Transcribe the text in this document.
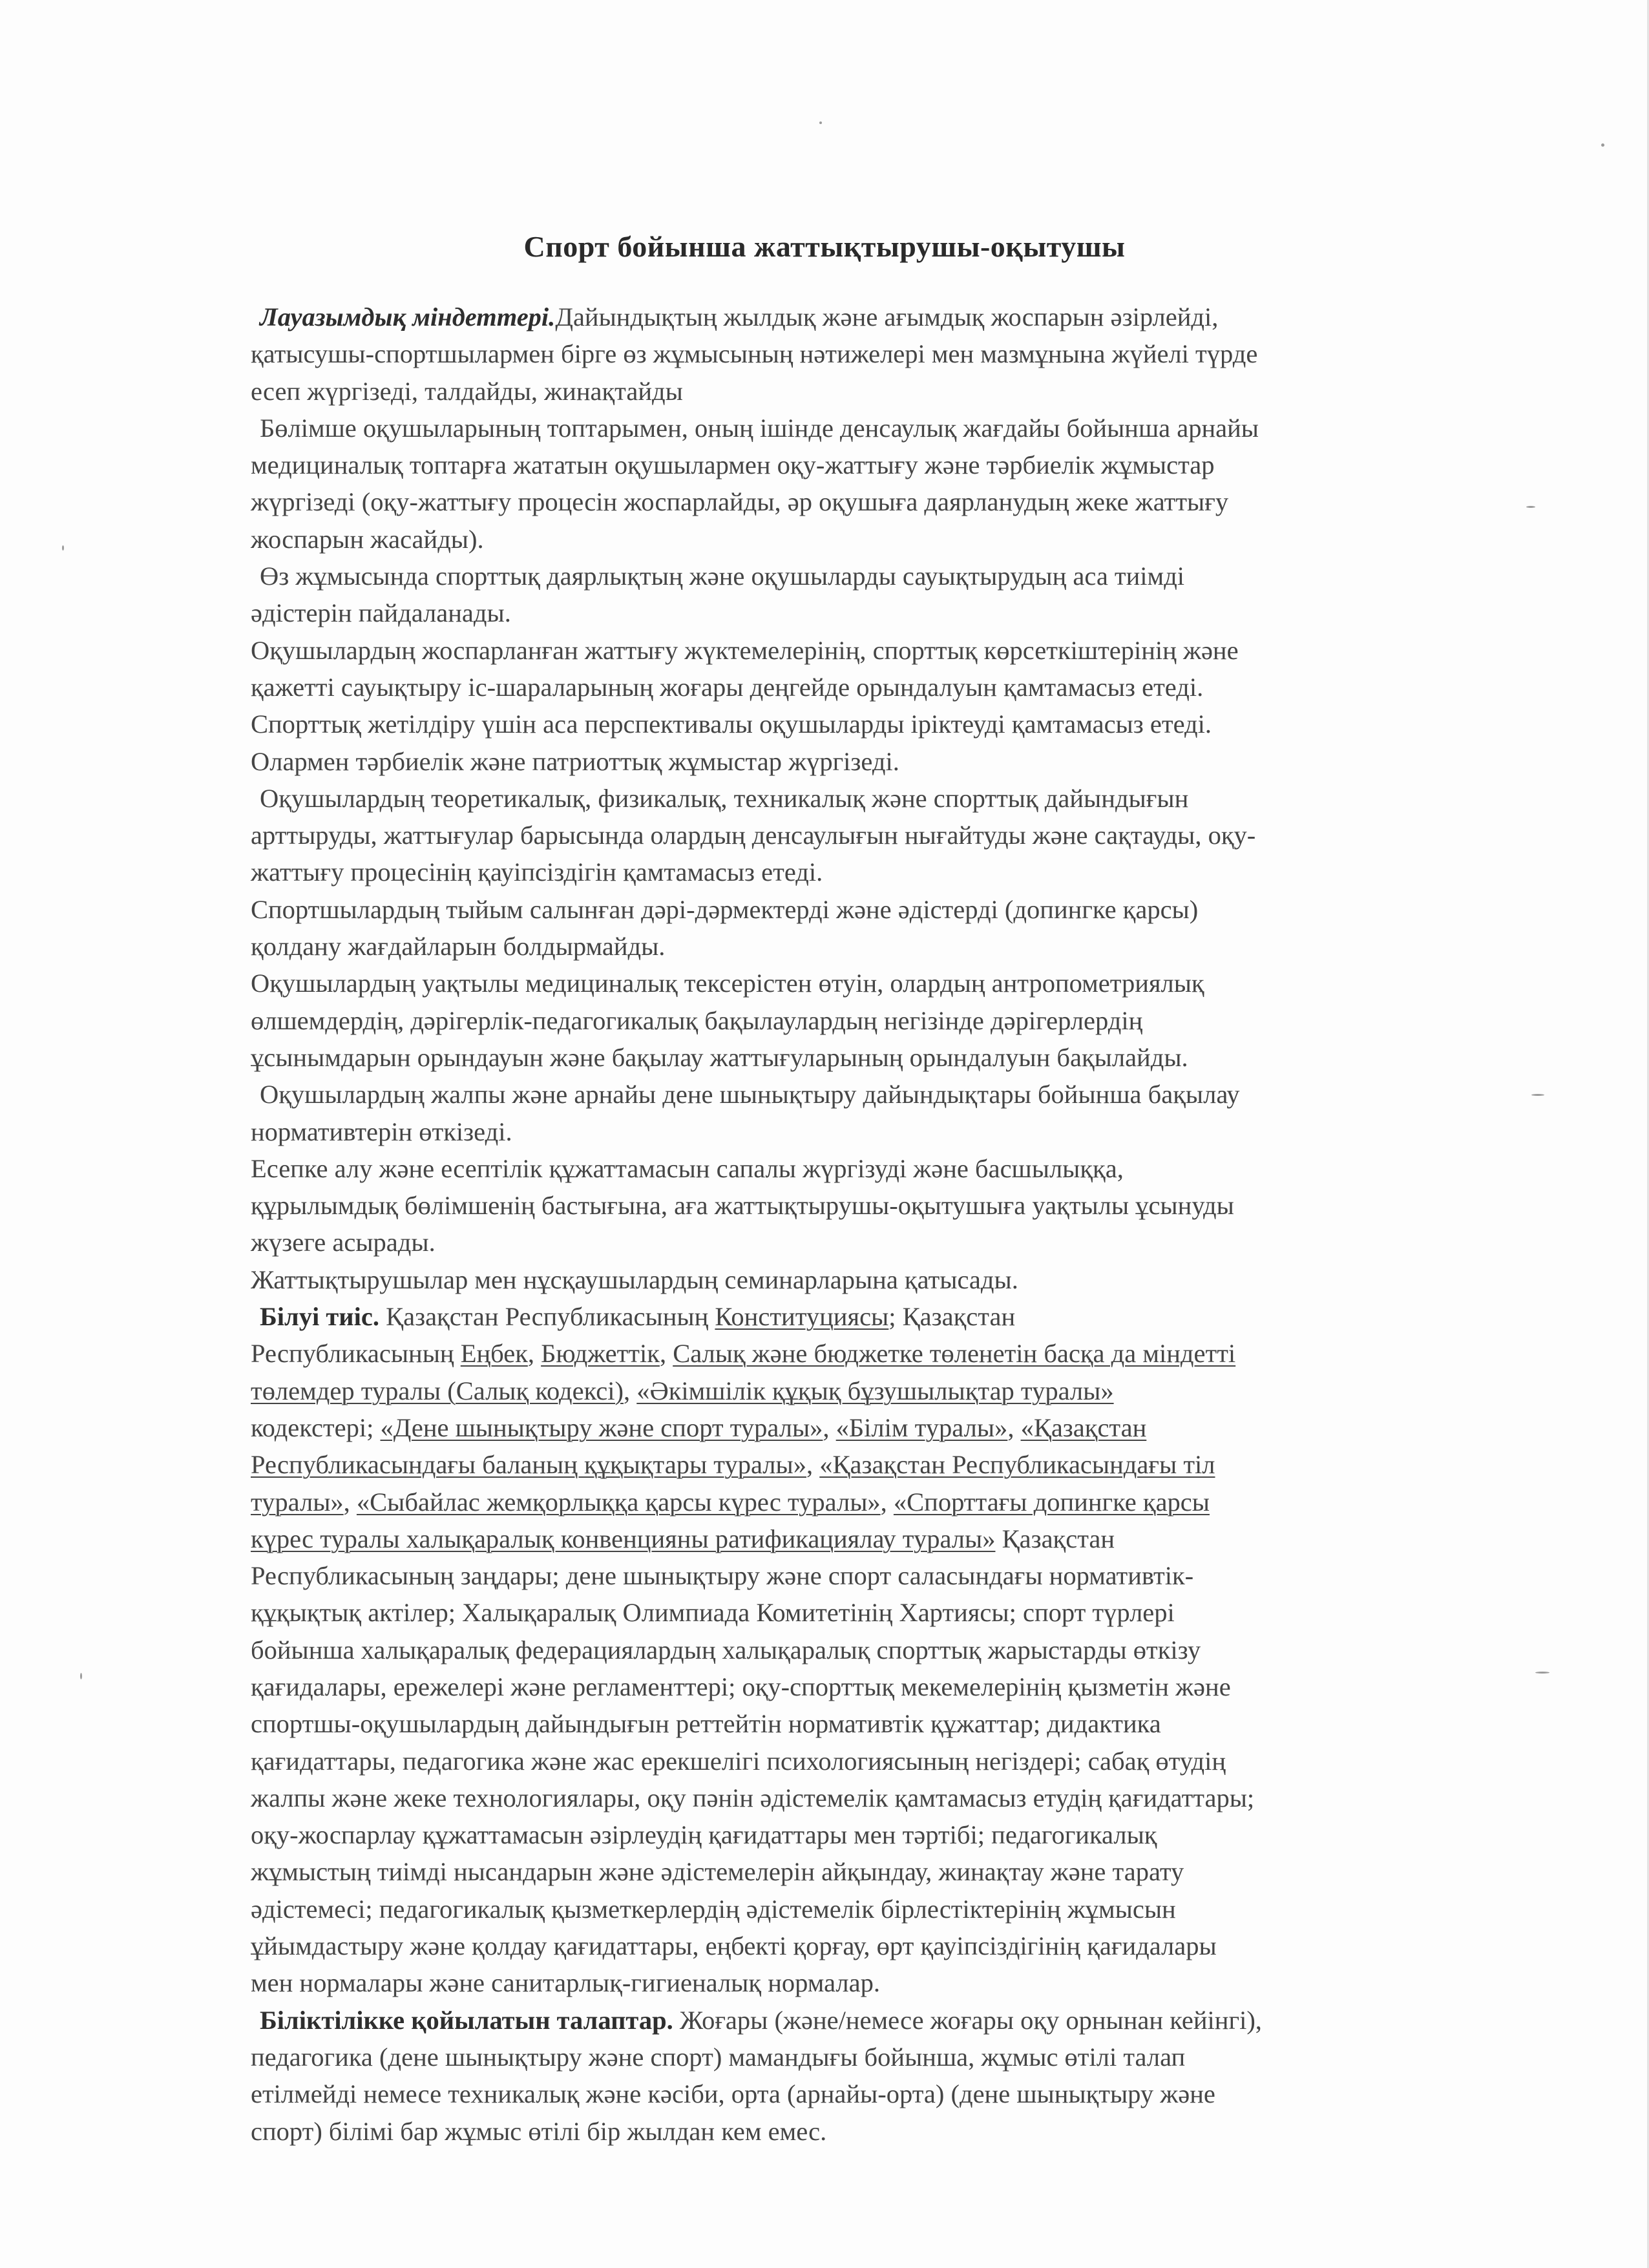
Спорт бойынша жаттықтырушы-оқытушы
Лауазымдық міндеттері.Дайындықтың жылдық және ағымдық жоспарын әзірлейді,
қатысушы-спортшылармен бірге өз жұмысының нәтижелері мен мазмұнына жүйелі түрде
есеп жүргізеді, талдайды, жинақтайды
Бөлімше оқушыларының топтарымен, оның ішінде денсаулық жағдайы бойынша арнайы
медициналық топтарға жататын оқушылармен оқу-жаттығу және тәрбиелік жұмыстар
жүргізеді (оқу-жаттығу процесін жоспарлайды, әр оқушыға даярланудың жеке жаттығу
жоспарын жасайды).
Өз жұмысында спорттық даярлықтың және оқушыларды сауықтырудың аса тиімді
әдістерін пайдаланады.
Оқушылардың жоспарланған жаттығу жүктемелерінің, спорттық көрсеткіштерінің және
қажетті сауықтыру іс-шараларының жоғары деңгейде орындалуын қамтамасыз етеді.
Спорттық жетілдіру үшін аса перспективалы оқушыларды іріктеуді қамтамасыз етеді.
Олармен тәрбиелік және патриоттық жұмыстар жүргізеді.
Оқушылардың теоретикалық, физикалық, техникалық және спорттық дайындығын
арттыруды, жаттығулар барысында олардың денсаулығын нығайтуды және сақтауды, оқу-
жаттығу процесінің қауіпсіздігін қамтамасыз етеді.
Спортшылардың тыйым салынған дәрі-дәрмектерді және әдістерді (допингке қарсы)
қолдану жағдайларын болдырмайды.
Оқушылардың уақтылы медициналық тексерістен өтуін, олардың антропометриялық
өлшемдердің, дәрігерлік-педагогикалық бақылаулардың негізінде дәрігерлердің
ұсынымдарын орындауын және бақылау жаттығуларының орындалуын бақылайды.
Оқушылардың жалпы және арнайы дене шынықтыру дайындықтары бойынша бақылау
нормативтерін өткізеді.
Есепке алу және есептілік құжаттамасын сапалы жүргізуді және басшылыққа,
құрылымдық бөлімшенің бастығына, аға жаттықтырушы-оқытушыға уақтылы ұсынуды
жүзеге асырады.
Жаттықтырушылар мен нұсқаушылардың семинарларына қатысады.
Білуі тиіс. Қазақстан Республикасының Конституциясы; Қазақстан
Республикасының Еңбек, Бюджеттік, Салық және бюджетке төленетін басқа да міндетті
төлемдер туралы (Салық кодексі), «Әкімшілік құқық бұзушылықтар туралы»
кодекстері; «Дене шынықтыру және спорт туралы», «Білім туралы», «Қазақстан
Республикасындағы баланың құқықтары туралы», «Қазақстан Республикасындағы тіл
туралы», «Сыбайлас жемқорлыққа қарсы күрес туралы», «Спорттағы допингке қарсы
күрес туралы халықаралық конвенцияны ратификациялау туралы» Қазақстан
Республикасының заңдары; дене шынықтыру және спорт саласындағы нормативтік-
құқықтық актілер; Халықаралық Олимпиада Комитетінің Хартиясы; спорт түрлері
бойынша халықаралық федерациялардың халықаралық спорттық жарыстарды өткізу
қағидалары, ережелері және регламенттері; оқу-спорттық мекемелерінің қызметін және
спортшы-оқушылардың дайындығын реттейтін нормативтік құжаттар; дидактика
қағидаттары, педагогика және жас ерекшелігі психологиясының негіздері; сабақ өтудің
жалпы және жеке технологиялары, оқу пәнін әдістемелік қамтамасыз етудің қағидаттары;
оқу-жоспарлау құжаттамасын әзірлеудің қағидаттары мен тәртібі; педагогикалық
жұмыстың тиімді нысандарын және әдістемелерін айқындау, жинақтау және тарату
әдістемесі; педагогикалық қызметкерлердің әдістемелік бірлестіктерінің жұмысын
ұйымдастыру және қолдау қағидаттары, еңбекті қорғау, өрт қауіпсіздігінің қағидалары
мен нормалары және санитарлық-гигиеналық нормалар.
Біліктілікке қойылатын талаптар. Жоғары (және/немесе жоғары оқу орнынан кейінгі),
педагогика (дене шынықтыру және спорт) мамандығы бойынша, жұмыс өтілі талап
етілмейді немесе техникалық және кәсіби, орта (арнайы-орта) (дене шынықтыру және
спорт) білімі бар жұмыс өтілі бір жылдан кем емес.
